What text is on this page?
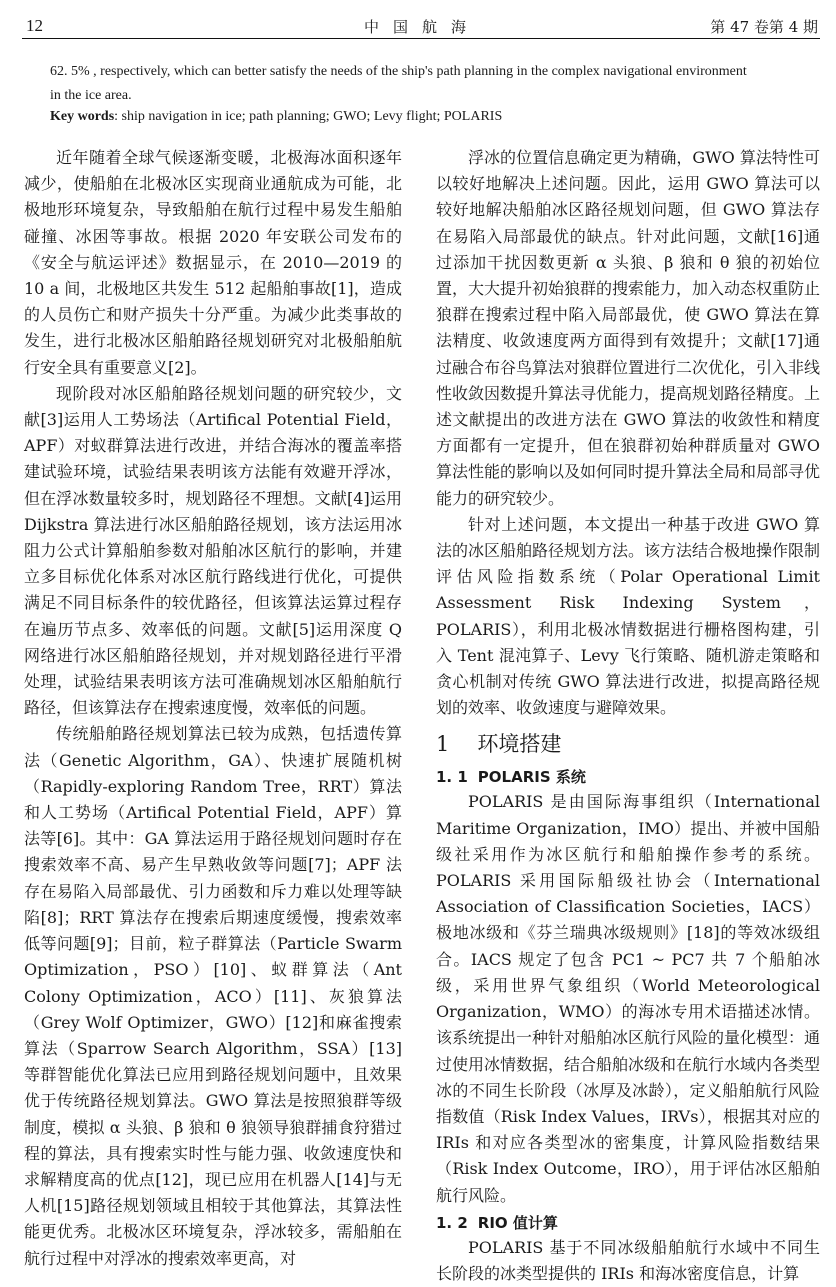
12	中国航海	第 47 卷第 4 期

62. 5% , respectively, which can better satisfy the needs of the ship's path planning in the complex navigational environment

in the ice area.

Key words: ship navigation in ice; path planning; GWO; Levy flight; POLARIS

近年随着全球气候逐渐变暖，北极海冰面积逐年减少，使船舶在北极冰区实现商业通航成为可能，北极地形环境复杂，导致船舶在航行过程中易发生船舶碰撞、冰困等事故。根据 2020 年安联公司发布的《安全与航运评述》数据显示，在 2010—2019 的 10 a 间，北极地区共发生 512 起船舶事故[1]，造成的人员伤亡和财产损失十分严重。为减少此类事故的发生，进行北极冰区船舶路径规划研究对北极船舶航行安全具有重要意义[2]。

现阶段对冰区船舶路径规划问题的研究较少，文献[3]运用人工势场法（Artifical Potential Field，APF）对蚁群算法进行改进，并结合海冰的覆盖率搭建试验环境，试验结果表明该方法能有效避开浮冰，但在浮冰数量较多时，规划路径不理想。文献[4]运用 Dijkstra 算法进行冰区船舶路径规划，该方法运用冰阻力公式计算船舶参数对船舶冰区航行的影响，并建立多目标优化体系对冰区航行路线进行优化，可提供满足不同目标条件的较优路径，但该算法运算过程存在遍历节点多、效率低的问题。文献[5]运用深度 Q 网络进行冰区船舶路径规划，并对规划路径进行平滑处理，试验结果表明该方法可准确规划冰区船舶航行路径，但该算法存在搜索速度慢，效率低的问题。

传统船舶路径规划算法已较为成熟，包括遗传算法（Genetic Algorithm，GA）、快速扩展随机树（Rapidly-exploring Random Tree，RRT）算法和人工势场（Artifical Potential Field，APF）算法等[6]。其中：GA 算法运用于路径规划问题时存在搜索效率不高、易产生早熟收敛等问题[7]；APF 法存在易陷入局部最优、引力函数和斥力难以处理等缺陷[8]；RRT 算法存在搜索后期速度缓慢，搜索效率低等问题[9]；目前，粒子群算法（Particle Swarm Optimization，PSO）[10]、蚁群算法（Ant Colony Optimization，ACO）[11]、灰狼算法（Grey Wolf Optimizer，GWO）[12]和麻雀搜索算法（Sparrow Search Algorithm，SSA）[13]等群智能优化算法已应用到路径规划问题中，且效果优于传统路径规划算法。GWO 算法是按照狼群等级制度，模拟 α 头狼、β 狼和 θ 狼领导狼群捕食狩猎过程的算法，具有搜索实时性与能力强、收敛速度快和求解精度高的优点[12]，现已应用在机器人[14]与无人机[15]路径规划领域且相较于其他算法，其算法性能更优秀。北极冰区环境复杂，浮冰较多，需船舶在航行过程中对浮冰的搜索效率更高，对

浮冰的位置信息确定更为精确，GWO 算法特性可以较好地解决上述问题。因此，运用 GWO 算法可以较好地解决船舶冰区路径规划问题，但 GWO 算法存在易陷入局部最优的缺点。针对此问题，文献[16]通过添加干扰因数更新 α 头狼、β 狼和 θ 狼的初始位置，大大提升初始狼群的搜索能力，加入动态权重防止狼群在搜索过程中陷入局部最优，使 GWO 算法在算法精度、收敛速度两方面得到有效提升；文献[17]通过融合布谷鸟算法对狼群位置进行二次优化，引入非线性收敛因数提升算法寻优能力，提高规划路径精度。上述文献提出的改进方法在 GWO 算法的收敛性和精度方面都有一定提升，但在狼群初始种群质量对 GWO 算法性能的影响以及如何同时提升算法全局和局部寻优能力的研究较少。

针对上述问题，本文提出一种基于改进 GWO 算法的冰区船舶路径规划方法。该方法结合极地操作限制评估风险指数系统（Polar Operational Limit Assessment Risk Indexing System，POLARIS），利用北极冰情数据进行栅格图构建，引入 Tent 混沌算子、Levy 飞行策略、随机游走策略和贪心机制对传统 GWO 算法进行改进，拟提高路径规划的效率、收敛速度与避障效果。

1 环境搭建
1. 1 POLARIS 系统

POLARIS 是由国际海事组织（International Maritime Organization，IMO）提出、并被中国船级社采用作为冰区航行和船舶操作参考的系统。POLARIS 采用国际船级社协会（International Association of Classification Societies，IACS）极地冰级和《芬兰瑞典冰级规则》[18]的等效冰级组合。IACS 规定了包含 PC1 ~ PC7 共 7 个船舶冰级，采用世界气象组织（World Meteorological Organization，WMO）的海冰专用术语描述冰情。该系统提出一种针对船舶冰区航行风险的量化模型：通过使用冰情数据，结合船舶冰级和在航行水域内各类型冰的不同生长阶段（冰厚及冰龄），定义船舶航行风险指数值（Risk Index Values，IRVs），根据其对应的 IRIs 和对应各类型冰的密集度，计算风险指数结果（Risk Index Outcome，IRO），用于评估冰区船舶航行风险。

1. 2 RIO 值计算

POLARIS 基于不同冰级船舶航行水域中不同生长阶段的冰类型提供的 IRIs 和海冰密度信息，计算
